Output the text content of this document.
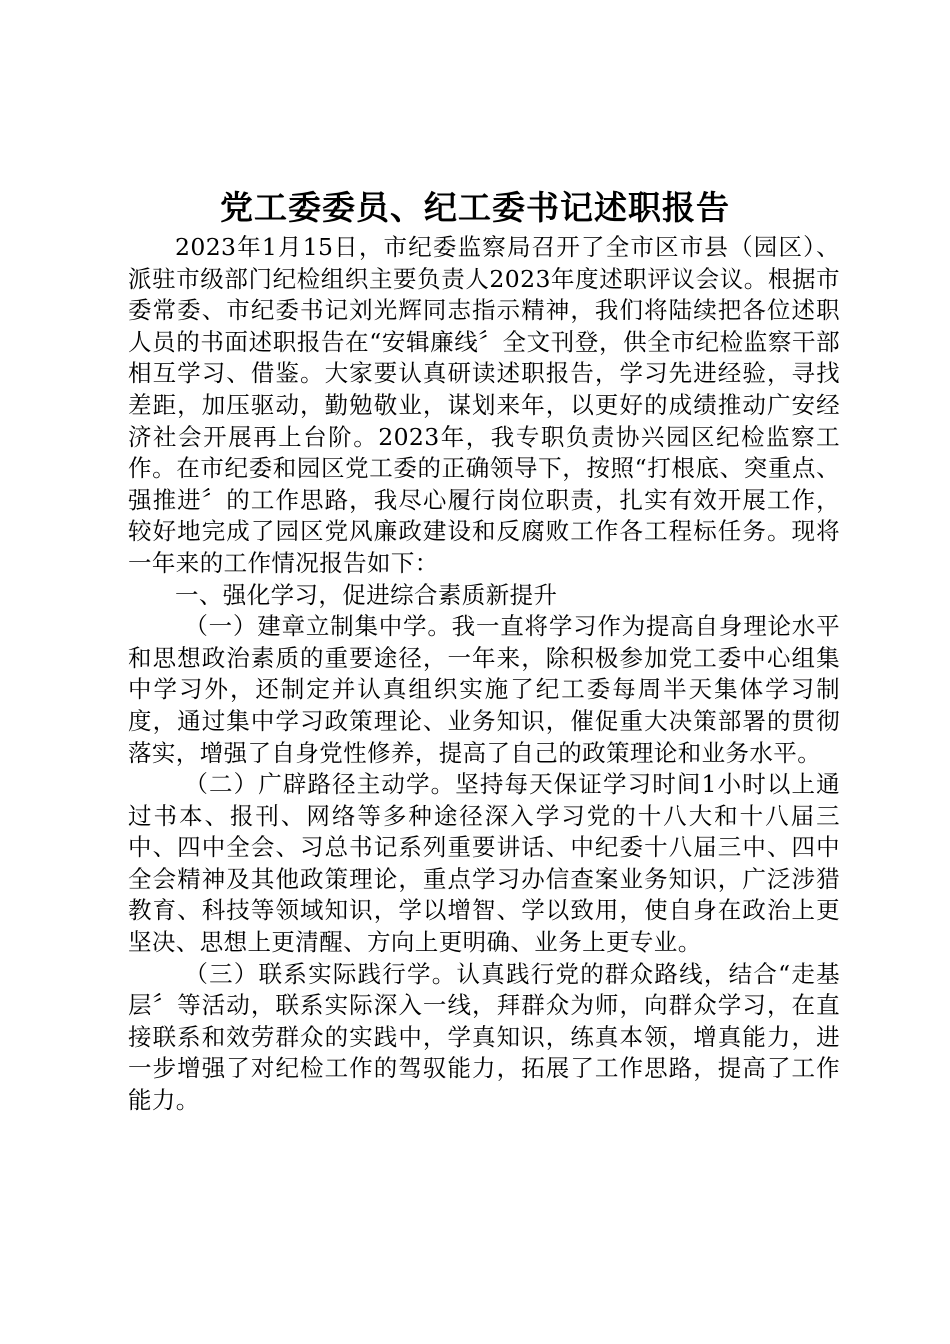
党工委委员、纪工委书记述职报告

2023年1月15日，市纪委监察局召开了全市区市县（园区）、派驻市级部门纪检组织主要负责人2023年度述职评议会议。根据市委常委、市纪委书记刘光辉同志指示精神，我们将陆续把各位述职人员的书面述职报告在“安辑廉线〞全文刊登，供全市纪检监察干部相互学习、借鉴。大家要认真研读述职报告，学习先进经验，寻找差距，加压驱动，勤勉敬业，谋划来年，以更好的成绩推动广安经济社会开展再上台阶。2023年，我专职负责协兴园区纪检监察工作。在市纪委和园区党工委的正确领导下，按照“打根底、突重点、强推进〞的工作思路，我尽心履行岗位职责，扎实有效开展工作，较好地完成了园区党风廉政建设和反腐败工作各工程标任务。现将一年来的工作情况报告如下：

一、强化学习，促进综合素质新提升

（一）建章立制集中学。我一直将学习作为提高自身理论水平和思想政治素质的重要途径，一年来，除积极参加党工委中心组集中学习外，还制定并认真组织实施了纪工委每周半天集体学习制度，通过集中学习政策理论、业务知识，催促重大决策部署的贯彻落实，增强了自身党性修养，提高了自己的政策理论和业务水平。

（二）广辟路径主动学。坚持每天保证学习时间1小时以上通过书本、报刊、网络等多种途径深入学习党的十八大和十八届三中、四中全会、习总书记系列重要讲话、中纪委十八届三中、四中全会精神及其他政策理论，重点学习办信查案业务知识，广泛涉猎教育、科技等领域知识，学以增智、学以致用，使自身在政治上更坚决、思想上更清醒、方向上更明确、业务上更专业。

（三）联系实际践行学。认真践行党的群众路线，结合“走基层〞等活动，联系实际深入一线，拜群众为师，向群众学习，在直接联系和效劳群众的实践中，学真知识，练真本领，增真能力，进一步增强了对纪检工作的驾驭能力，拓展了工作思路，提高了工作能力。
